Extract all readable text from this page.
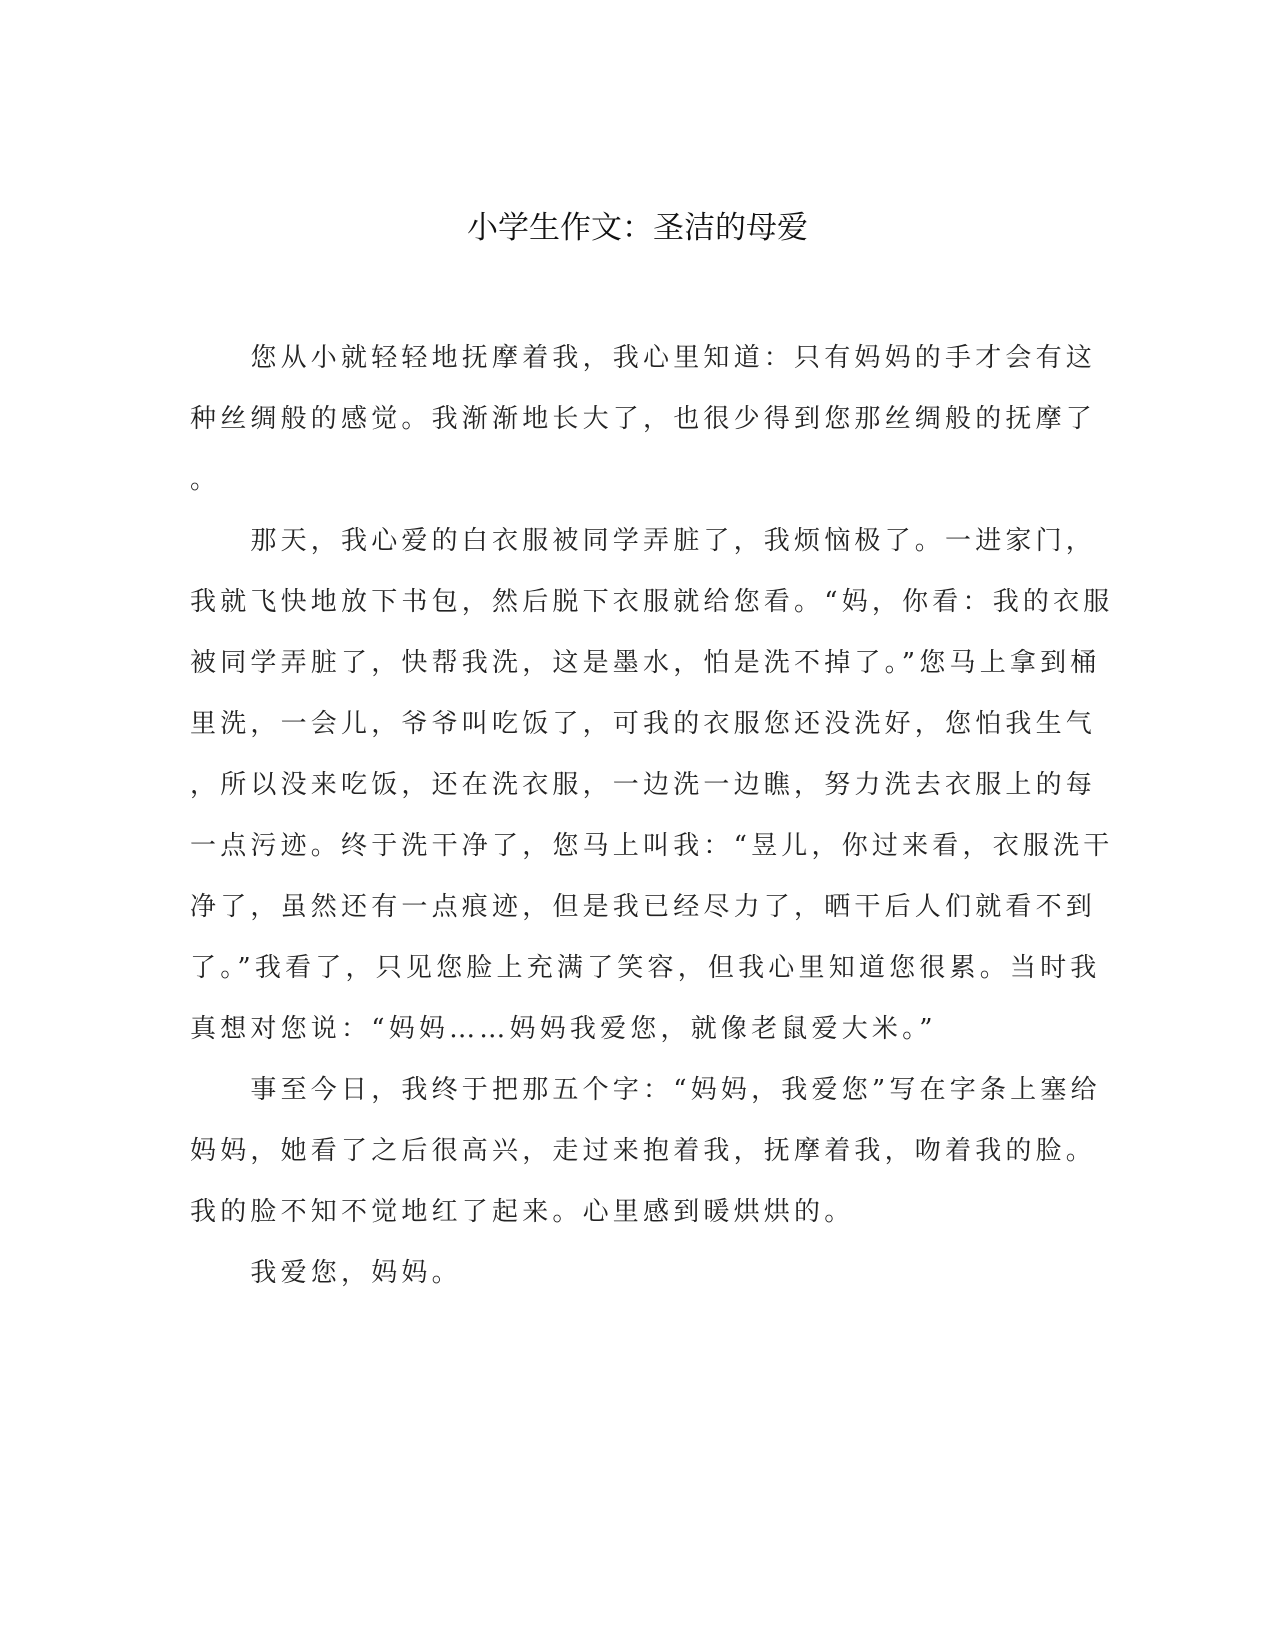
小学生作文：圣洁的母爱

　　您从小就轻轻地抚摩着我，我心里知道：只有妈妈的手才会有这

种丝绸般的感觉。我渐渐地长大了，也很少得到您那丝绸般的抚摩了

。

　　那天，我心爱的白衣服被同学弄脏了，我烦恼极了。一进家门，

我就飞快地放下书包，然后脱下衣服就给您看。“妈，你看：我的衣服

被同学弄脏了，快帮我洗，这是墨水，怕是洗不掉了。”您马上拿到桶

里洗，一会儿，爷爷叫吃饭了，可我的衣服您还没洗好，您怕我生气

，所以没来吃饭，还在洗衣服，一边洗一边瞧，努力洗去衣服上的每

一点污迹。终于洗干净了，您马上叫我：“昱儿，你过来看，衣服洗干

净了，虽然还有一点痕迹，但是我已经尽力了，晒干后人们就看不到

了。”我看了，只见您脸上充满了笑容，但我心里知道您很累。当时我

真想对您说：“妈妈……妈妈我爱您，就像老鼠爱大米。”

　　事至今日，我终于把那五个字：“妈妈，我爱您”写在字条上塞给

妈妈，她看了之后很高兴，走过来抱着我，抚摩着我，吻着我的脸。

我的脸不知不觉地红了起来。心里感到暖烘烘的。

　　我爱您，妈妈。
